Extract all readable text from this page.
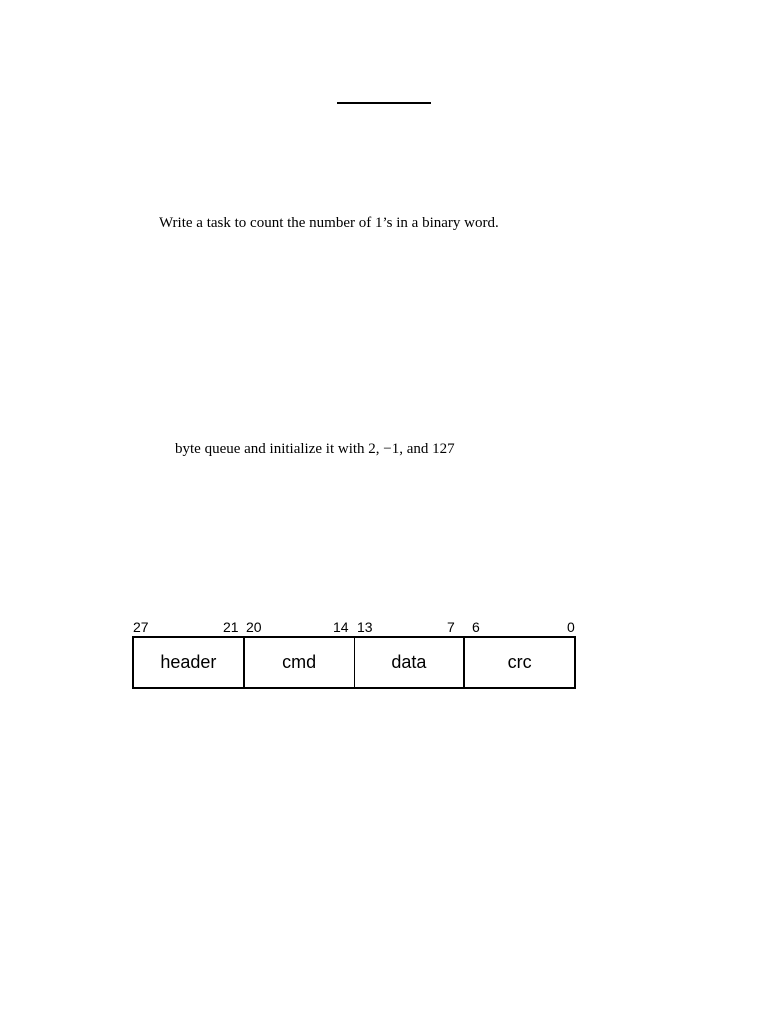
Write a task to count the number of 1’s in a binary word.
byte queue and initialize it with 2, −1, and 127
27	21 20	14 13	7 6	0
header	cmd	data	crc
